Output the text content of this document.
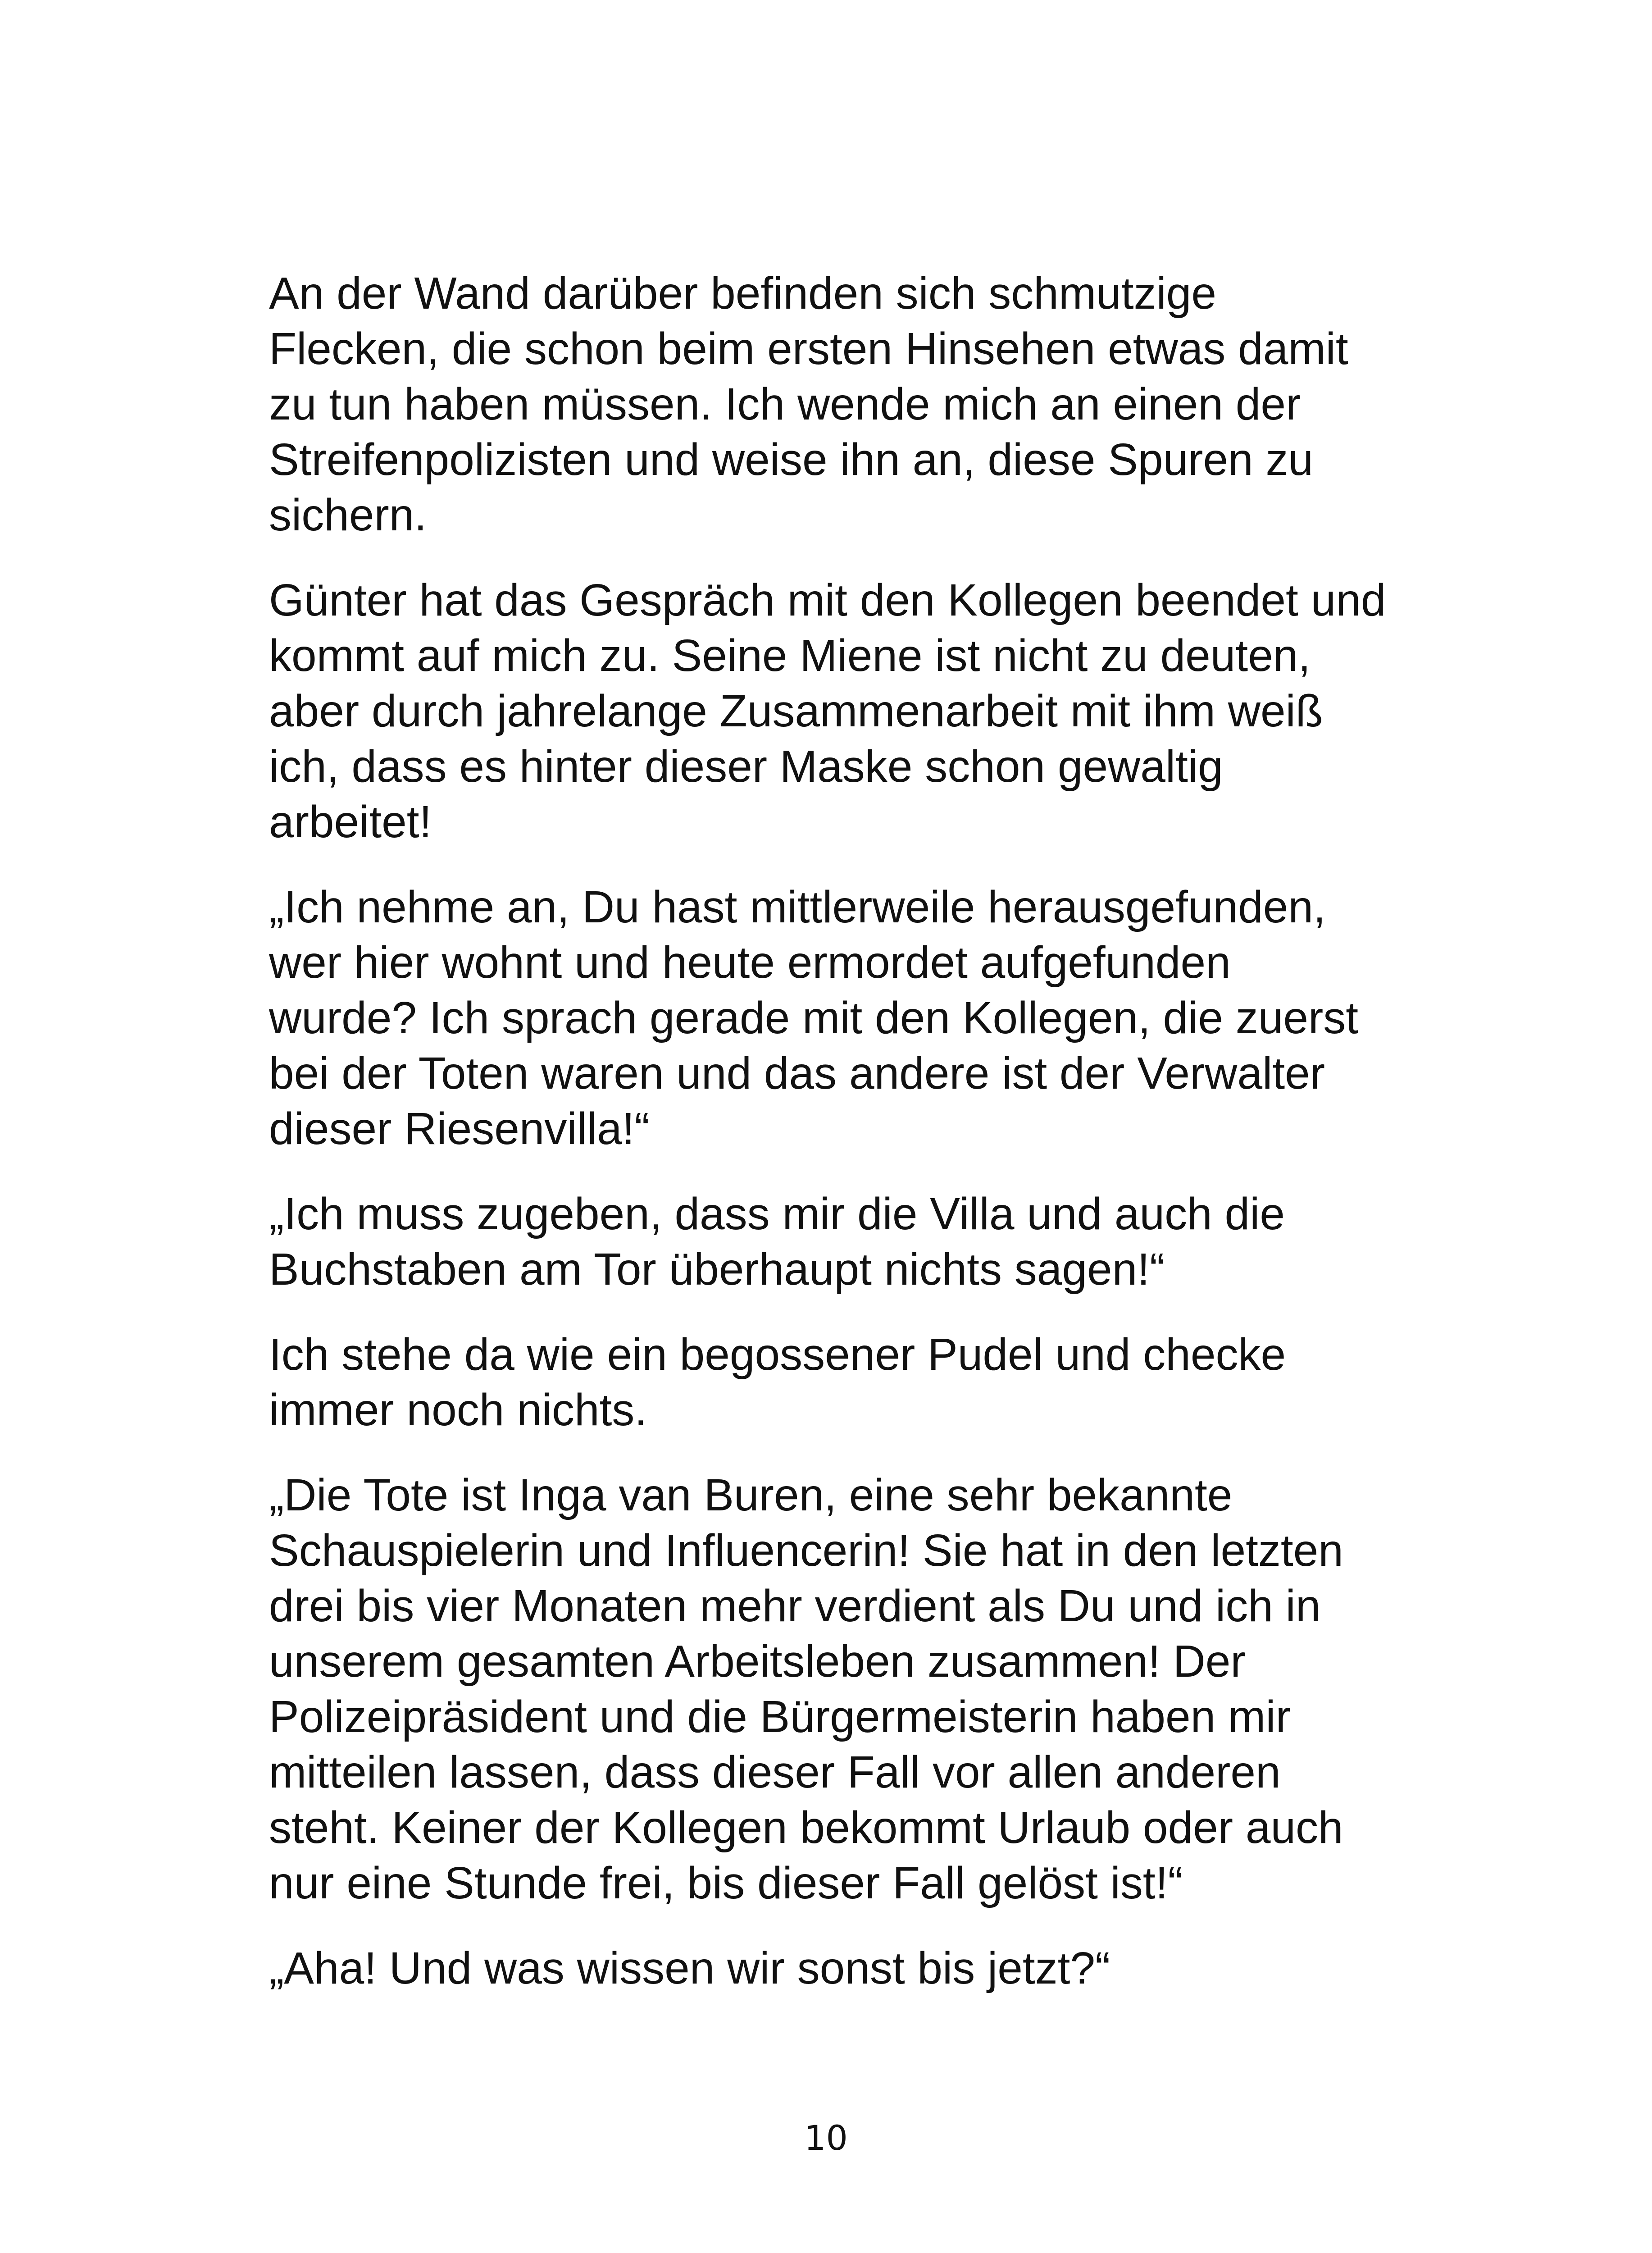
An der Wand darüber befinden sich schmutzige
Flecken, die schon beim ersten Hinsehen etwas damit
zu tun haben müssen. Ich wende mich an einen der
Streifenpolizisten und weise ihn an, diese Spuren zu
sichern.

Günter hat das Gespräch mit den Kollegen beendet und
kommt auf mich zu. Seine Miene ist nicht zu deuten,
aber durch jahrelange Zusammenarbeit mit ihm weiß
ich, dass es hinter dieser Maske schon gewaltig
arbeitet!

„Ich nehme an, Du hast mittlerweile herausgefunden,
wer hier wohnt und heute ermordet aufgefunden
wurde? Ich sprach gerade mit den Kollegen, die zuerst
bei der Toten waren und das andere ist der Verwalter
dieser Riesenvilla!“

„Ich muss zugeben, dass mir die Villa und auch die
Buchstaben am Tor überhaupt nichts sagen!“

Ich stehe da wie ein begossener Pudel und checke
immer noch nichts.

„Die Tote ist Inga van Buren, eine sehr bekannte
Schauspielerin und Influencerin! Sie hat in den letzten
drei bis vier Monaten mehr verdient als Du und ich in
unserem gesamten Arbeitsleben zusammen! Der
Polizeipräsident und die Bürgermeisterin haben mir
mitteilen lassen, dass dieser Fall vor allen anderen
steht. Keiner der Kollegen bekommt Urlaub oder auch
nur eine Stunde frei, bis dieser Fall gelöst ist!“

„Aha! Und was wissen wir sonst bis jetzt?“

10
